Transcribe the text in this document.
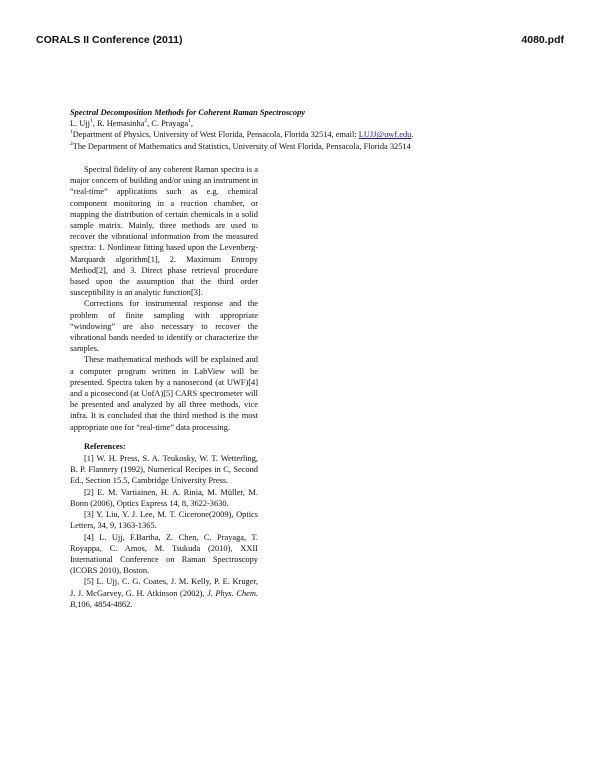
CORALS II Conference (2011)	4080.pdf
Spectral Decomposition Methods for Coherent Raman Spectroscopy
L. Ujj$^1$, R. Hemasinha$^2$, C. Prayaga$^1$,
$^1$Department of Physics, University of West Florida, Pensacola, Florida 32514, email: LUJJ@uwf.edu.
$^2$The Department of Mathematics and Statistics, University of West Florida, Pensacola, Florida 32514

Spectral fidelity of any coherent Raman spectra is a major concern of building and/or using an instrument in “real-time” applications such as e.g. chemical component monitoring in a reaction chamber, or mapping the distribution of certain chemicals in a solid sample matrix. Mainly, three methods are used to recover the vibrational information from the measured spectra: 1. Nonlinear fitting based upon the Levenberg-Marquardt algorithm[1], 2. Maximum Entropy Method[2], and 3. Direct phase retrieval procedure based upon the assumption that the third order susceptibility is an analytic function[3].

Corrections for instrumental response and the problem of finite sampling with appropriate “windowing” are also necessary to recover the vibrational bands needed to identify or characterize the samples.

These mathematical methods will be explained and a computer program written in LabView will be presented. Spectra taken by a nanosecond (at UWF)[4] and a picosecond (at UofA)[5] CARS spectrometer will be presented and analyzed by all three methods, vice infra. It is concluded that the third method is the most appropriate one for “real-time” data processing.

References:

[1] W. H. Press, S. A. Teukosky, W. T. Wetterling, B. P. Flannery (1992), Numerical Recipes in C, Second Ed., Section 15.5, Cambridge University Press.

[2] E. M. Vartiainen, H. A. Rinia, M. Müller, M. Bonn (2006), Optics Express 14, 8, 3622-3630.

[3] Y. Liu, Y. J. Lee, M. T. Cicerone(2009), Optics Letters, 34, 9, 1363-1365.

[4] L. Ujj, F.Bartha, Z. Chen, C. Prayaga, T. Royappa, C. Amos, M. Tsukuda (2010), XXII International Conference on Raman Spectroscopy (ICORS 2010), Boston.

[5] L. Ujj, C. G. Coates, J. M. Kelly, P. E. Kruger, J. J. McGarvey, G. H. Atkinson (2002), J. Phys. Chem. B,106, 4854-4862.
